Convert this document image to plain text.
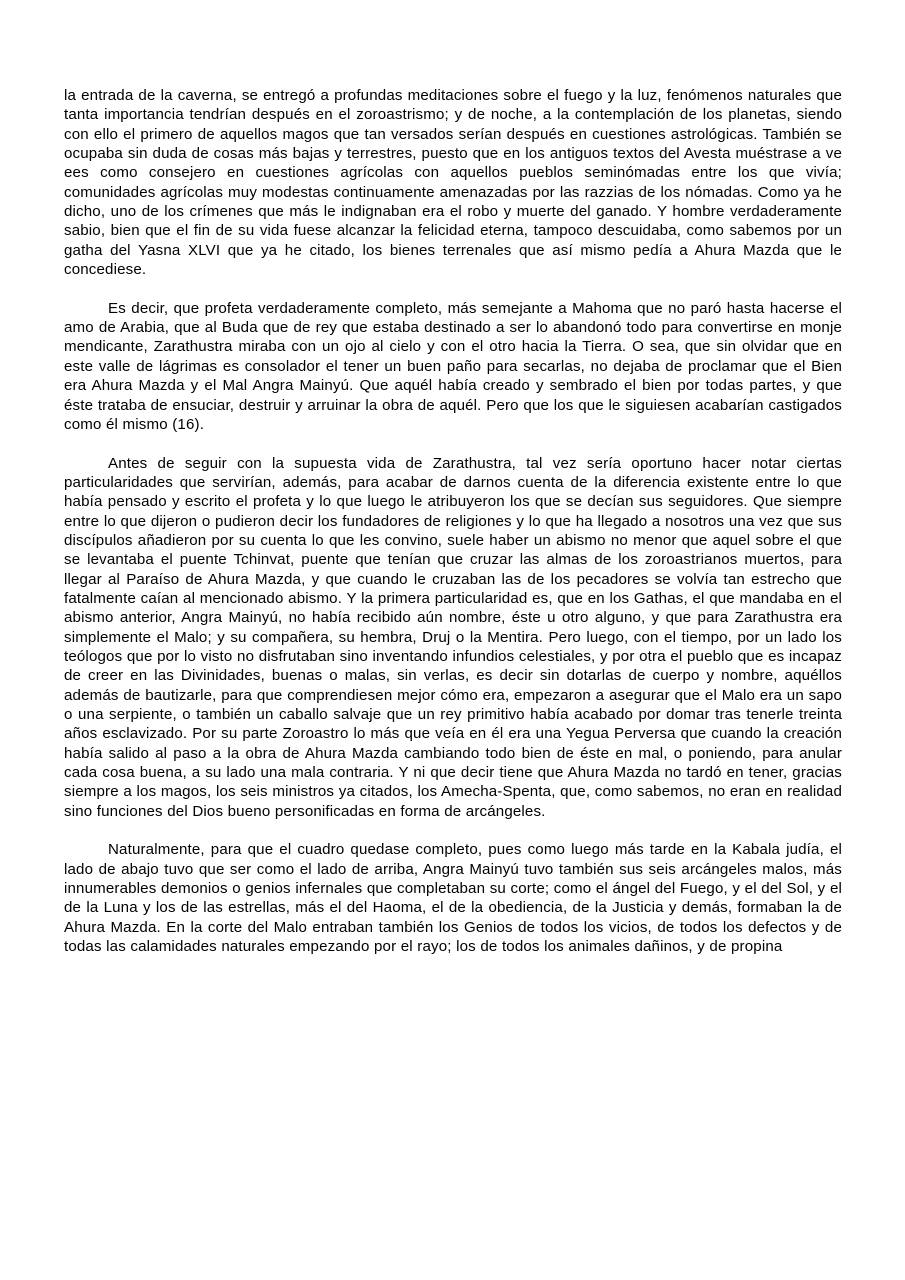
la entrada de la caverna, se entregó a profundas meditaciones sobre el fuego y la luz, fenómenos naturales que tanta importancia tendrían después en el zoroastrismo; y de noche, a la contemplación de los planetas, siendo con ello el primero de aquellos magos que tan versados serían después en cuestiones astrológicas. También se ocupaba sin duda de cosas más bajas y terrestres, puesto que en los antiguos textos del Avesta muéstrase a ve ees como consejero en cuestiones agrícolas con aquellos pueblos seminómadas entre los que vivía; comunidades agrícolas muy modestas continuamente amenazadas por las razzias de los nómadas. Como ya he dicho, uno de los crímenes que más le indignaban era el robo y muerte del ganado. Y hombre verdaderamente sabio, bien que el fin de su vida fuese alcanzar la felicidad eterna, tampoco descuidaba, como sabemos por un gatha del Yasna XLVI que ya he citado, los bienes terrenales que así mismo pedía a Ahura Mazda que le concediese.

Es decir, que profeta verdaderamente completo, más semejante a Mahoma que no paró hasta hacerse el amo de Arabia, que al Buda que de rey que estaba destinado a ser lo abandonó todo para convertirse en monje mendicante, Zarathustra miraba con un ojo al cielo y con el otro hacia la Tierra. O sea, que sin olvidar que en este valle de lágrimas es consolador el tener un buen paño para secarlas, no dejaba de proclamar que el Bien era Ahura Mazda y el Mal Angra Mainyú. Que aquél había creado y sembrado el bien por todas partes, y que éste trataba de ensuciar, destruir y arruinar la obra de aquél. Pero que los que le siguiesen acabarían castigados como él mismo (16).

Antes de seguir con la supuesta vida de Zarathustra, tal vez sería oportuno hacer notar ciertas particularidades que servirían, además, para acabar de darnos cuenta de la diferencia existente entre lo que había pensado y escrito el profeta y lo que luego le atribuyeron los que se decían sus seguidores. Que siempre entre lo que dijeron o pudieron decir los fundadores de religiones y lo que ha llegado a nosotros una vez que sus discípulos añadieron por su cuenta lo que les convino, suele haber un abismo no menor que aquel sobre el que se levantaba el puente Tchinvat, puente que tenían que cruzar las almas de los zoroastrianos muertos, para llegar al Paraíso de Ahura Mazda, y que cuando le cruzaban las de los pecadores se volvía tan estrecho que fatalmente caían al mencionado abismo. Y la primera particularidad es, que en los Gathas, el que mandaba en el abismo anterior, Angra Mainyú, no había recibido aún nombre, éste u otro alguno, y que para Zarathustra era simplemente el Malo; y su compañera, su hembra, Druj o la Mentira. Pero luego, con el tiempo, por un lado los teólogos que por lo visto no disfrutaban sino inventando infundios celestiales, y por otra el pueblo que es incapaz de creer en las Divinidades, buenas o malas, sin verlas, es decir sin dotarlas de cuerpo y nombre, aquéllos además de bautizarle, para que comprendiesen mejor cómo era, empezaron a asegurar que el Malo era un sapo o una serpiente, o también un caballo salvaje que un rey primitivo había acabado por domar tras tenerle treinta años esclavizado. Por su parte Zoroastro lo más que veía en él era una Yegua Perversa que cuando la creación había salido al paso a la obra de Ahura Mazda cambiando todo bien de éste en mal, o poniendo, para anular cada cosa buena, a su lado una mala contraria. Y ni que decir tiene que Ahura Mazda no tardó en tener, gracias siempre a los magos, los seis ministros ya citados, los Amecha-Spenta, que, como sabemos, no eran en realidad sino funciones del Dios bueno personificadas en forma de arcángeles.

Naturalmente, para que el cuadro quedase completo, pues como luego más tarde en la Kabala judía, el lado de abajo tuvo que ser como el lado de arriba, Angra Mainyú tuvo también sus seis arcángeles malos, más innumerables demonios o genios infernales que completaban su corte; como el ángel del Fuego, y el del Sol, y el de la Luna y los de las estrellas, más el del Haoma, el de la obediencia, de la Justicia y demás, formaban la de Ahura Mazda. En la corte del Malo entraban también los Genios de todos los vicios, de todos los defectos y de todas las calamidades naturales empezando por el rayo; los de todos los animales dañinos, y de propina
